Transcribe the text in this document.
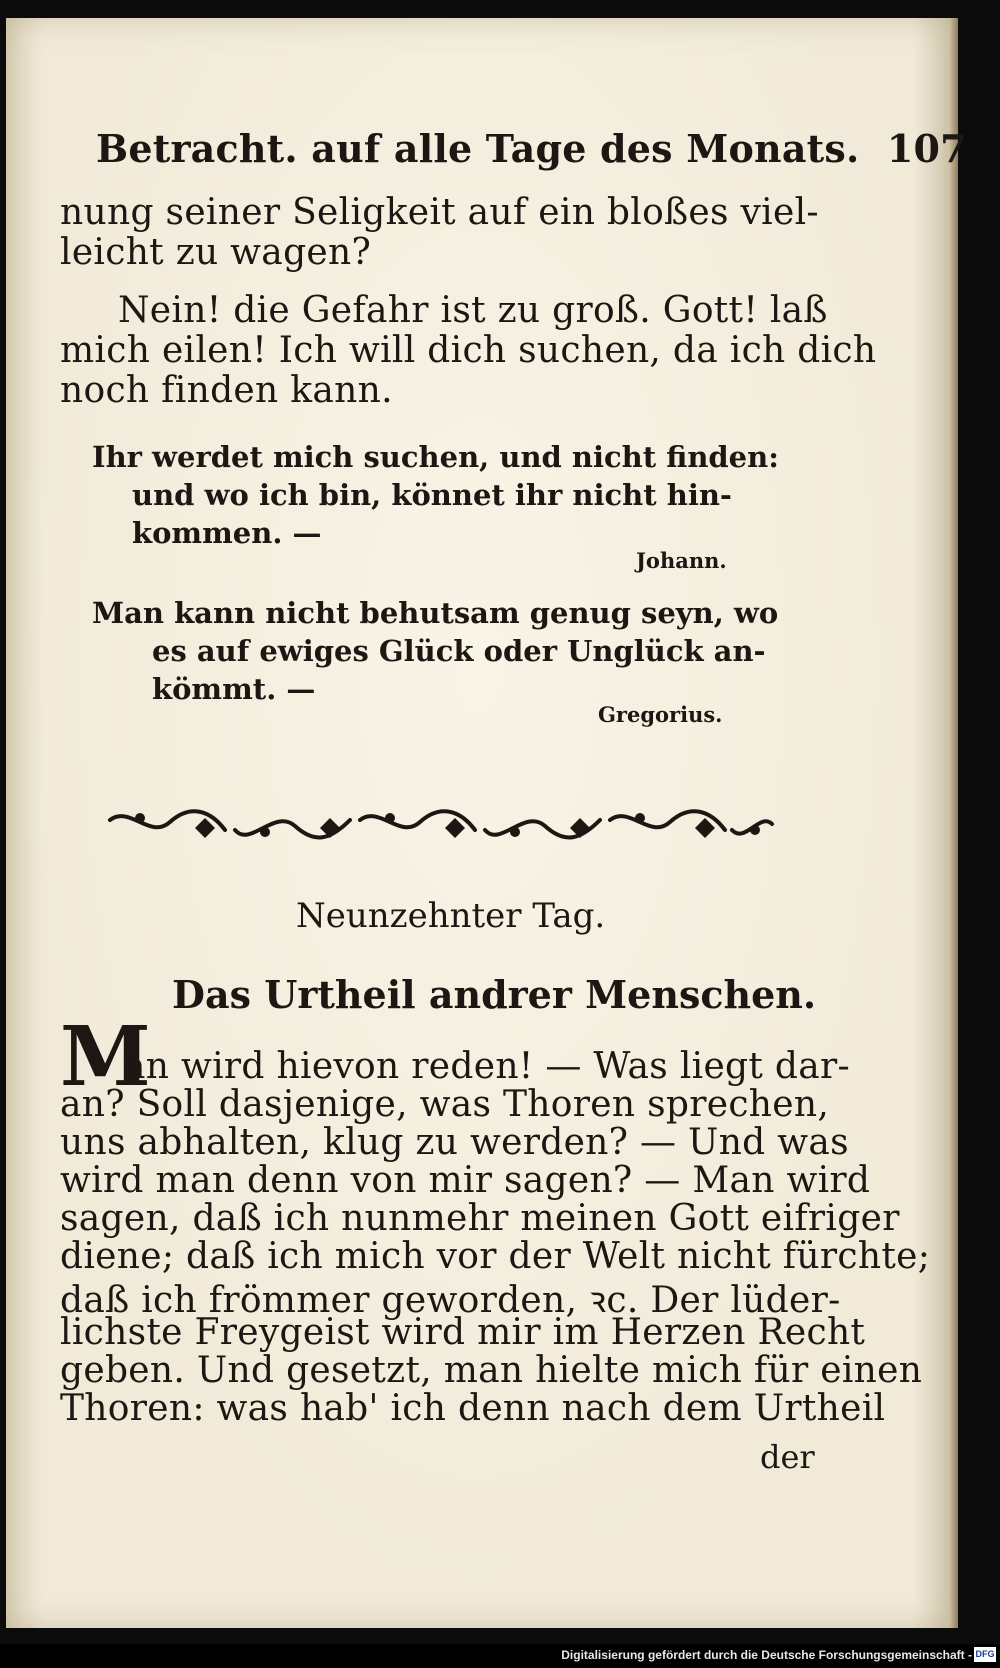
Betracht. auf alle Tage des Monats. 107
nung seiner Seligkeit auf ein bloßes viel-
leicht zu wagen?
Nein! die Gefahr ist zu groß. Gott! laß
mich eilen! Ich will dich suchen, da ich dich
noch finden kann.
Ihr werdet mich suchen, und nicht finden:
und wo ich bin, könnet ihr nicht hin-
kommen. —
Johann.
Man kann nicht behutsam genug seyn, wo
es auf ewiges Glück oder Unglück an-
kömmt. —
Gregorius.
Neunzehnter Tag.
Das Urtheil andrer Menschen.
M
an wird hievon reden! — Was liegt dar-
an? Soll dasjenige, was Thoren sprechen,
uns abhalten, klug zu werden? — Und was
wird man denn von mir sagen? — Man wird
sagen, daß ich nunmehr meinen Gott eifriger
diene; daß ich mich vor der Welt nicht fürchte;
daß ich frömmer geworden, ꝛc. Der lüder-
lichste Freygeist wird mir im Herzen Recht
geben. Und gesetzt, man hielte mich für einen
Thoren: was hab' ich denn nach dem Urtheil
der
Digitalisierung gefördert durch die Deutsche Forschungsgemeinschaft - DFG
